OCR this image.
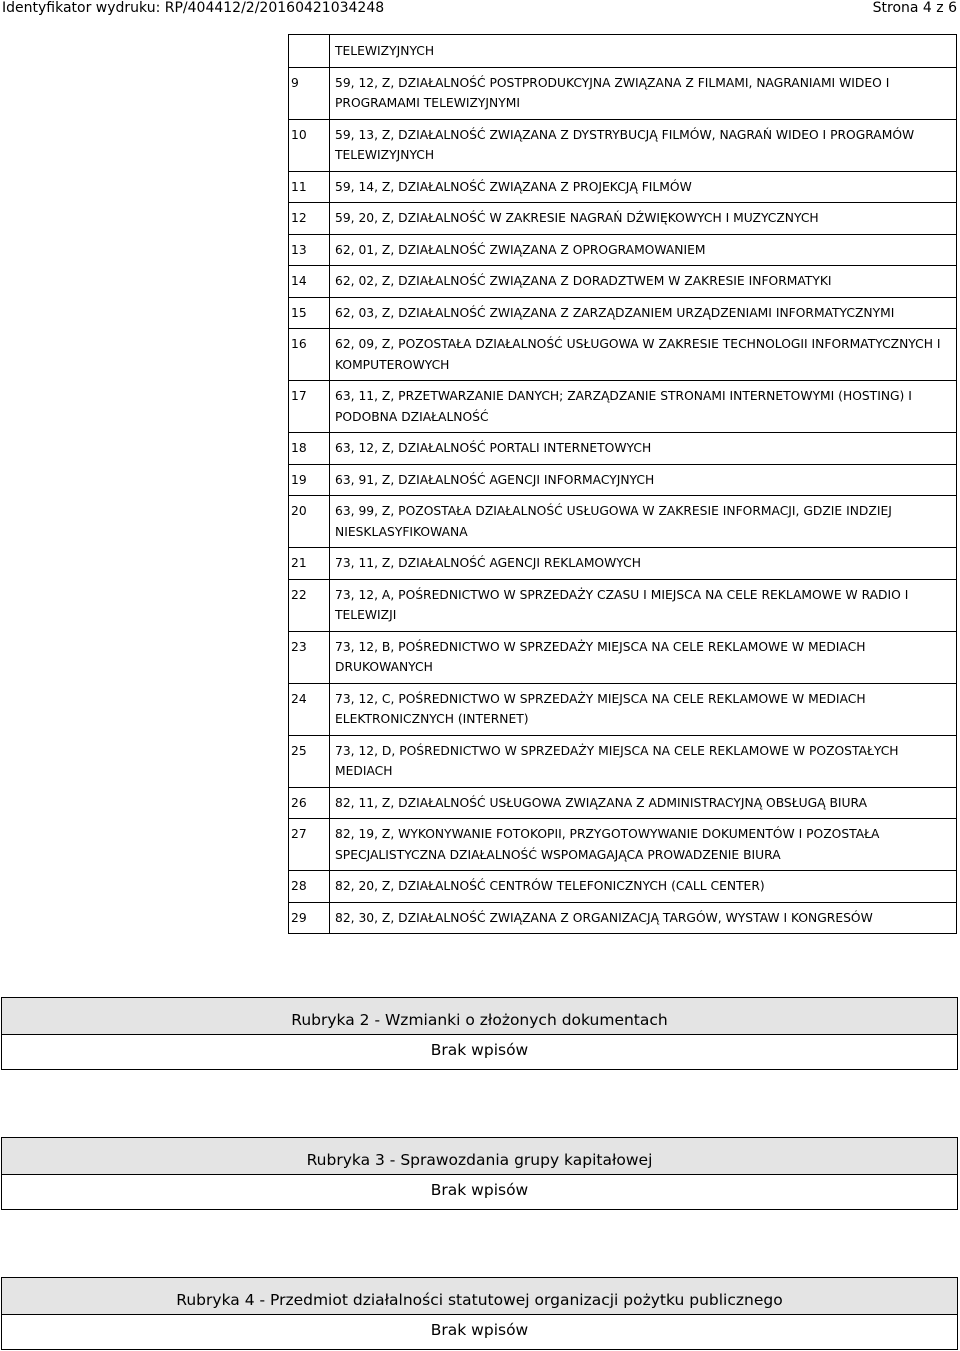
Identyfikator wydruku: RP/404412/2/20160421034248	Strona 4 z 6
	TELEWIZYJNYCH
9	59, 12, Z, DZIAŁALNOŚĆ POSTPRODUKCYJNA ZWIĄZANA Z FILMAMI, NAGRANIAMI WIDEO I PROGRAMAMI TELEWIZYJNYMI
10	59, 13, Z, DZIAŁALNOŚĆ ZWIĄZANA Z DYSTRYBUCJĄ FILMÓW, NAGRAŃ WIDEO I PROGRAMÓW TELEWIZYJNYCH
11	59, 14, Z, DZIAŁALNOŚĆ ZWIĄZANA Z PROJEKCJĄ FILMÓW
12	59, 20, Z, DZIAŁALNOŚĆ W ZAKRESIE NAGRAŃ DŹWIĘKOWYCH I MUZYCZNYCH
13	62, 01, Z, DZIAŁALNOŚĆ ZWIĄZANA Z OPROGRAMOWANIEM
14	62, 02, Z, DZIAŁALNOŚĆ ZWIĄZANA Z DORADZTWEM W ZAKRESIE INFORMATYKI
15	62, 03, Z, DZIAŁALNOŚĆ ZWIĄZANA Z ZARZĄDZANIEM URZĄDZENIAMI INFORMATYCZNYMI
16	62, 09, Z, POZOSTAŁA DZIAŁALNOŚĆ USŁUGOWA W ZAKRESIE TECHNOLOGII INFORMATYCZNYCH I KOMPUTEROWYCH
17	63, 11, Z, PRZETWARZANIE DANYCH; ZARZĄDZANIE STRONAMI INTERNETOWYMI (HOSTING) I PODOBNA DZIAŁALNOŚĆ
18	63, 12, Z, DZIAŁALNOŚĆ PORTALI INTERNETOWYCH
19	63, 91, Z, DZIAŁALNOŚĆ AGENCJI INFORMACYJNYCH
20	63, 99, Z, POZOSTAŁA DZIAŁALNOŚĆ USŁUGOWA W ZAKRESIE INFORMACJI, GDZIE INDZIEJ NIESKLASYFIKOWANA
21	73, 11, Z, DZIAŁALNOŚĆ AGENCJI REKLAMOWYCH
22	73, 12, A, POŚREDNICTWO W SPRZEDAŻY CZASU I MIEJSCA NA CELE REKLAMOWE W RADIO I TELEWIZJI
23	73, 12, B, POŚREDNICTWO W SPRZEDAŻY MIEJSCA NA CELE REKLAMOWE W MEDIACH DRUKOWANYCH
24	73, 12, C, POŚREDNICTWO W SPRZEDAŻY MIEJSCA NA CELE REKLAMOWE W MEDIACH ELEKTRONICZNYCH (INTERNET)
25	73, 12, D, POŚREDNICTWO W SPRZEDAŻY MIEJSCA NA CELE REKLAMOWE W POZOSTAŁYCH MEDIACH
26	82, 11, Z, DZIAŁALNOŚĆ USŁUGOWA ZWIĄZANA Z ADMINISTRACYJNĄ OBSŁUGĄ BIURA
27	82, 19, Z, WYKONYWANIE FOTOKOPII, PRZYGOTOWYWANIE DOKUMENTÓW I POZOSTAŁA SPECJALISTYCZNA DZIAŁALNOŚĆ WSPOMAGAJĄCA PROWADZENIE BIURA
28	82, 20, Z, DZIAŁALNOŚĆ CENTRÓW TELEFONICZNYCH (CALL CENTER)
29	82, 30, Z, DZIAŁALNOŚĆ ZWIĄZANA Z ORGANIZACJĄ TARGÓW, WYSTAW I KONGRESÓW
Rubryka 2 - Wzmianki o złożonych dokumentach
Brak wpisów
Rubryka 3 - Sprawozdania grupy kapitałowej
Brak wpisów
Rubryka 4 - Przedmiot działalności statutowej organizacji pożytku publicznego
Brak wpisów
